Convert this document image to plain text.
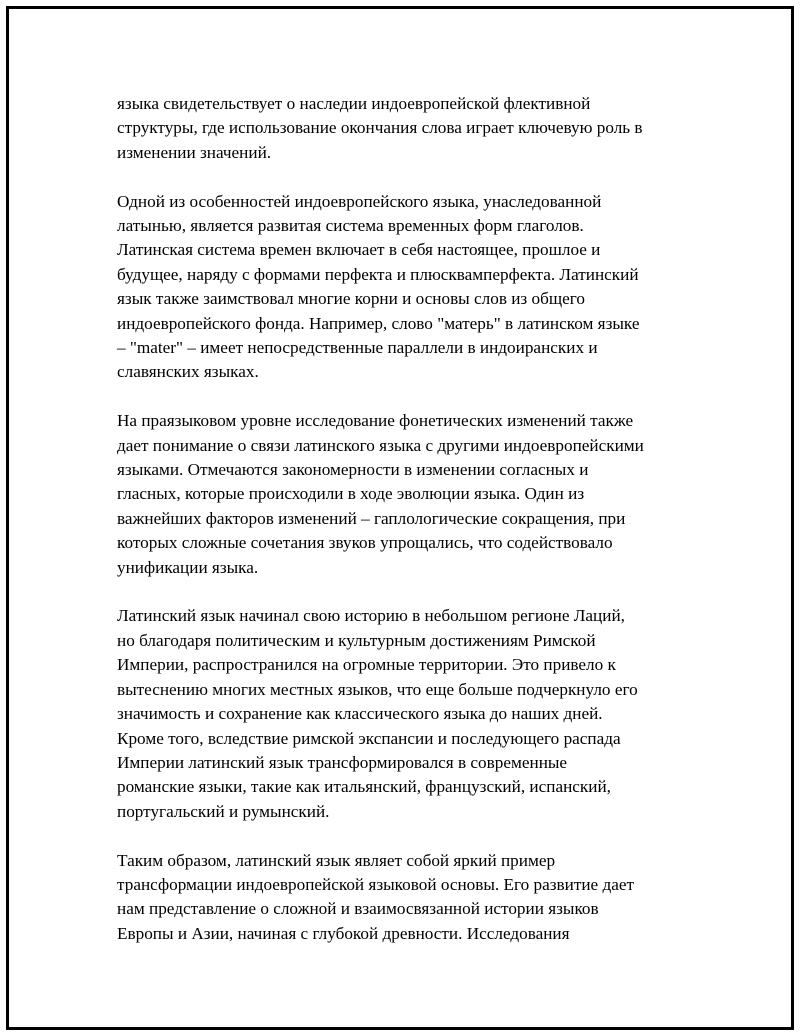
языка свидетельствует о наследии индоевропейской флективной
структуры, где использование окончания слова играет ключевую роль в
изменении значений.

Одной из особенностей индоевропейского языка, унаследованной
латынью, является развитая система временных форм глаголов.
Латинская система времен включает в себя настоящее, прошлое и
будущее, наряду с формами перфекта и плюсквамперфекта. Латинский
язык также заимствовал многие корни и основы слов из общего
индоевропейского фонда. Например, слово "матерь" в латинском языке
– "mater" – имеет непосредственные параллели в индоиранских и
славянских языках.

На праязыковом уровне исследование фонетических изменений также
дает понимание о связи латинского языка с другими индоевропейскими
языками. Отмечаются закономерности в изменении согласных и
гласных, которые происходили в ходе эволюции языка. Один из
важнейших факторов изменений – гаплологические сокращения, при
которых сложные сочетания звуков упрощались, что содействовало
унификации языка.

Латинский язык начинал свою историю в небольшом регионе Лаций,
но благодаря политическим и культурным достижениям Римской
Империи, распространился на огромные территории. Это привело к
вытеснению многих местных языков, что еще больше подчеркнуло его
значимость и сохранение как классического языка до наших дней.
Кроме того, вследствие римской экспансии и последующего распада
Империи латинский язык трансформировался в современные
романские языки, такие как итальянский, французский, испанский,
португальский и румынский.

Таким образом, латинский язык являет собой яркий пример
трансформации индоевропейской языковой основы. Его развитие дает
нам представление о сложной и взаимосвязанной истории языков
Европы и Азии, начиная с глубокой древности. Исследования
